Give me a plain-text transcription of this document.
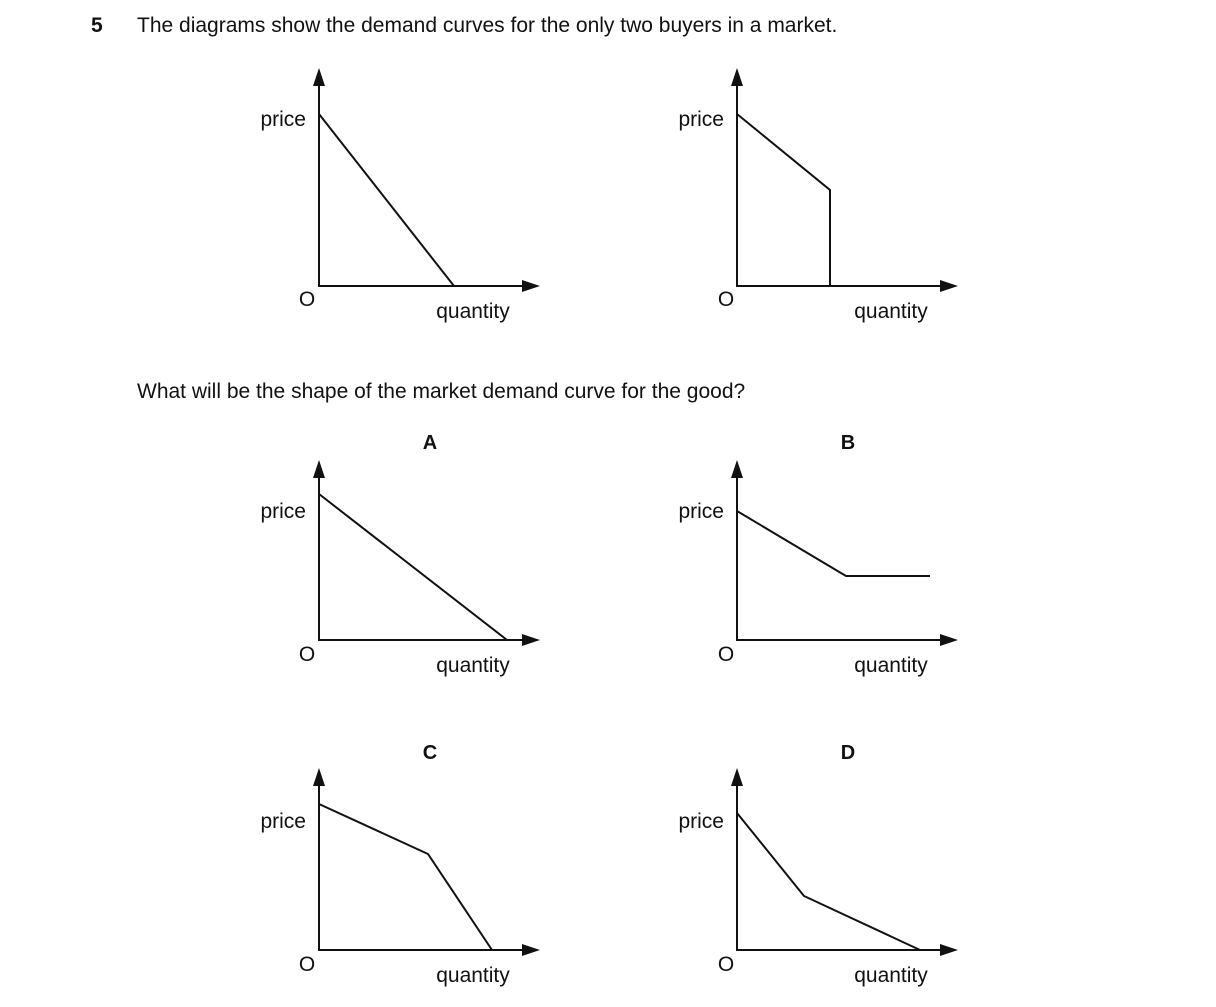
5 The diagrams show the demand curves for the only two buyers in a market.
price
O
quantity
price
O
quantity
What will be the shape of the market demand curve for the good?
A
price
O	quantity
B
price
O	quantity
C
price
O	quantity
D
price
O	quantity
